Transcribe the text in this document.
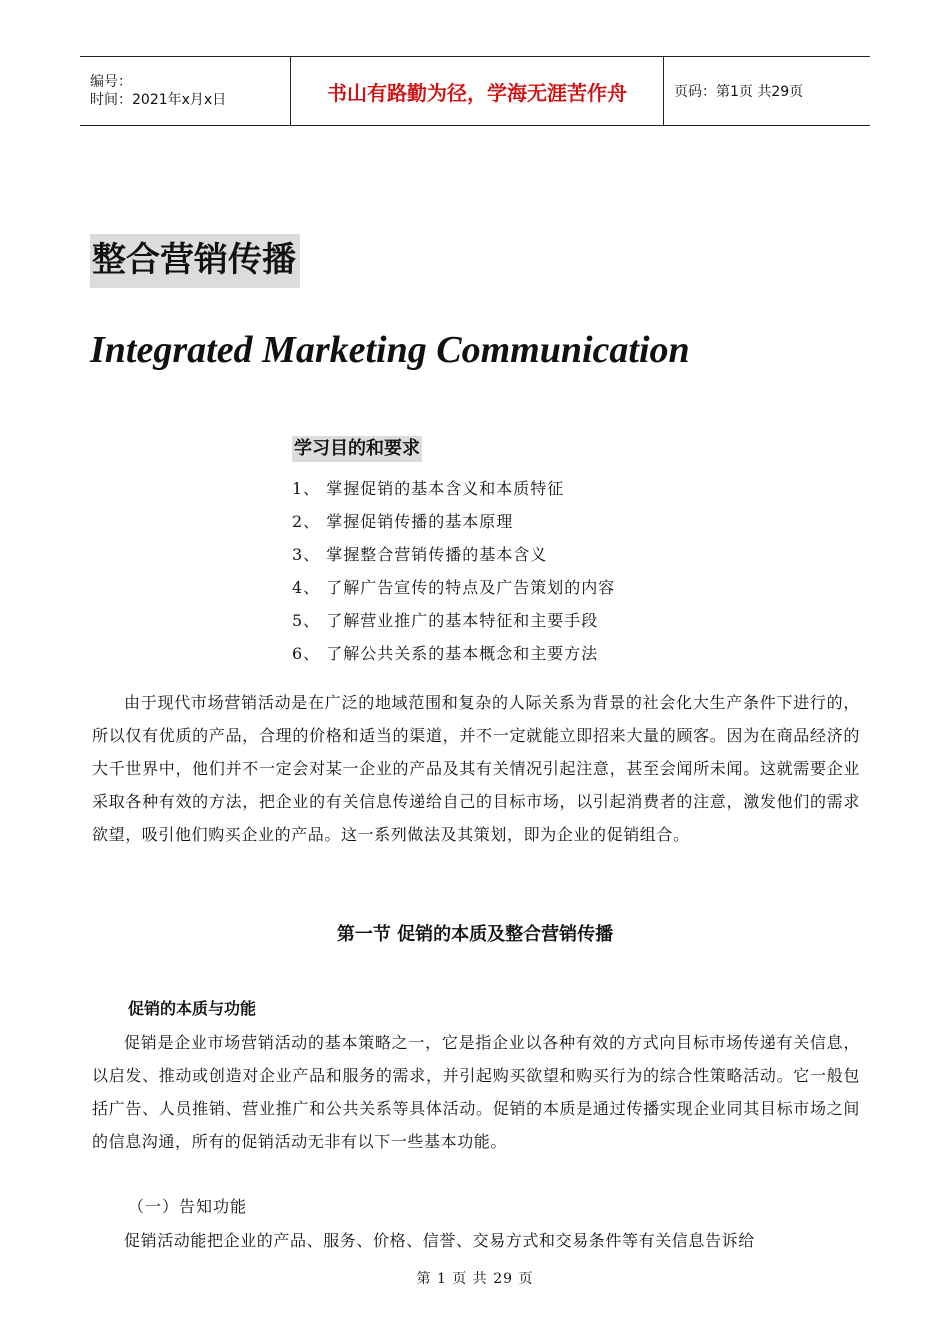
编号：
时间：2021年x月x日	书山有路勤为径，学海无涯苦作舟	页码：第1页 共29页
整合营销传播
Integrated Marketing Communication
学习目的和要求
1、 掌握促销的基本含义和本质特征
2、 掌握促销传播的基本原理
3、 掌握整合营销传播的基本含义
4、 了解广告宣传的特点及广告策划的内容
5、 了解营业推广的基本特征和主要手段
6、 了解公共关系的基本概念和主要方法

由于现代市场营销活动是在广泛的地域范围和复杂的人际关系为背景的社会化大生产条件下进行的，所以仅有优质的产品，合理的价格和适当的渠道，并不一定就能立即招来大量的顾客。因为在商品经济的大千世界中，他们并不一定会对某一企业的产品及其有关情况引起注意，甚至会闻所未闻。这就需要企业采取各种有效的方法，把企业的有关信息传递给自己的目标市场，以引起消费者的注意，激发他们的需求欲望，吸引他们购买企业的产品。这一系列做法及其策划，即为企业的促销组合。

第一节 促销的本质及整合营销传播
促销的本质与功能

促销是企业市场营销活动的基本策略之一，它是指企业以各种有效的方式向目标市场传递有关信息，以启发、推动或创造对企业产品和服务的需求，并引起购买欲望和购买行为的综合性策略活动。它一般包括广告、人员推销、营业推广和公共关系等具体活动。促销的本质是通过传播实现企业同其目标市场之间的信息沟通，所有的促销活动无非有以下一些基本功能。

（一）告知功能

促销活动能把企业的产品、服务、价格、信誉、交易方式和交易条件等有关信息告诉给

第 1 页 共 29 页
